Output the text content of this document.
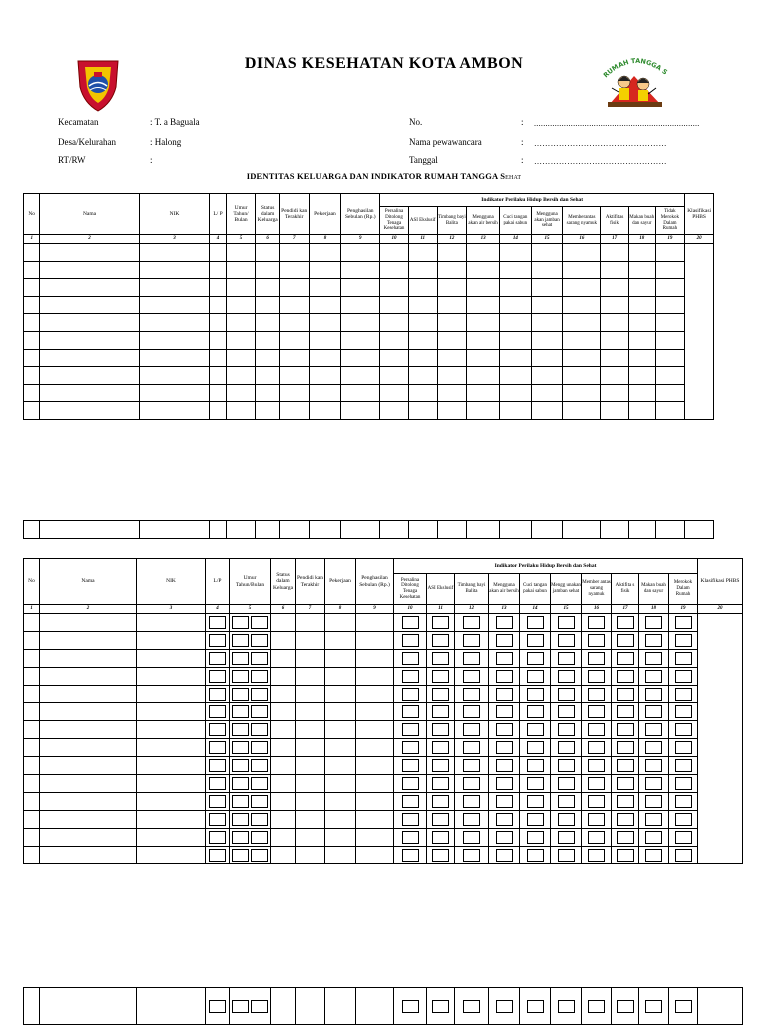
DINAS KESEHATAN KOTA AMBON
RUMAH TANGGA S
Kecamatan	: T. a Baguala
Desa/Kelurahan	: Halong
RT/RW	:
No.	: ........................................................................
Nama pewawancara	: …………………………………………
Tanggal	: …………………………………………
IDENTITAS KELUARGA DAN INDIKATOR RUMAH TANGGA SEHAT
No	Nama	NIK	L/ P	Umur Tahun/ Bulan	Status dalam Keluarga	Pendidi kan Terakhir	Pekerjaan	Penghasilan Sebulan (Rp.)	Indikator Perilaku Hidup Bersih dan Sehat										Klasifikasi PHBS
									Persalina Ditolong Tenaga Kesehatan	ASI Ekslusif	Timbang bayi Balita	Mengguna akan air bersih	Cuci tangan pakai sabun	Mengguna akan jamban sehat	Memberantas sarang nyamuk	Aktifitas fisik	Makan buah dan sayur	Tidak Merokok Dalam Rumah	
1	2	3	4	5	6	7	8	9	10	11	12	13	14	15	16	17	18	19	20

No	Nama	NIK	L/P	Umur Tahun/Bulan	Status dalam Keluarga	Pendidi kan Terakhir	Pekerjaan	Penghasilan Sebulan (Rp.)	Indikator Perilaku Hidup Bersih dan Sehat										Klasifikasi PHBS
									Persalina Ditolong Tenaga Kesehatan	ASI Ekslusif	Timbang bayi Balita	Mengguna akan air bersih	Cuci tangan pakai sabun	Mengg unakan jamban sehat	Member antas sarang nyamuk	Aktifita s fisik	Makan buah dan sayur	Merokok Dalam Rumah	
1	2	3	4	5	6	7	8	9	10	11	12	13	14	15	16	17	18	19	20
